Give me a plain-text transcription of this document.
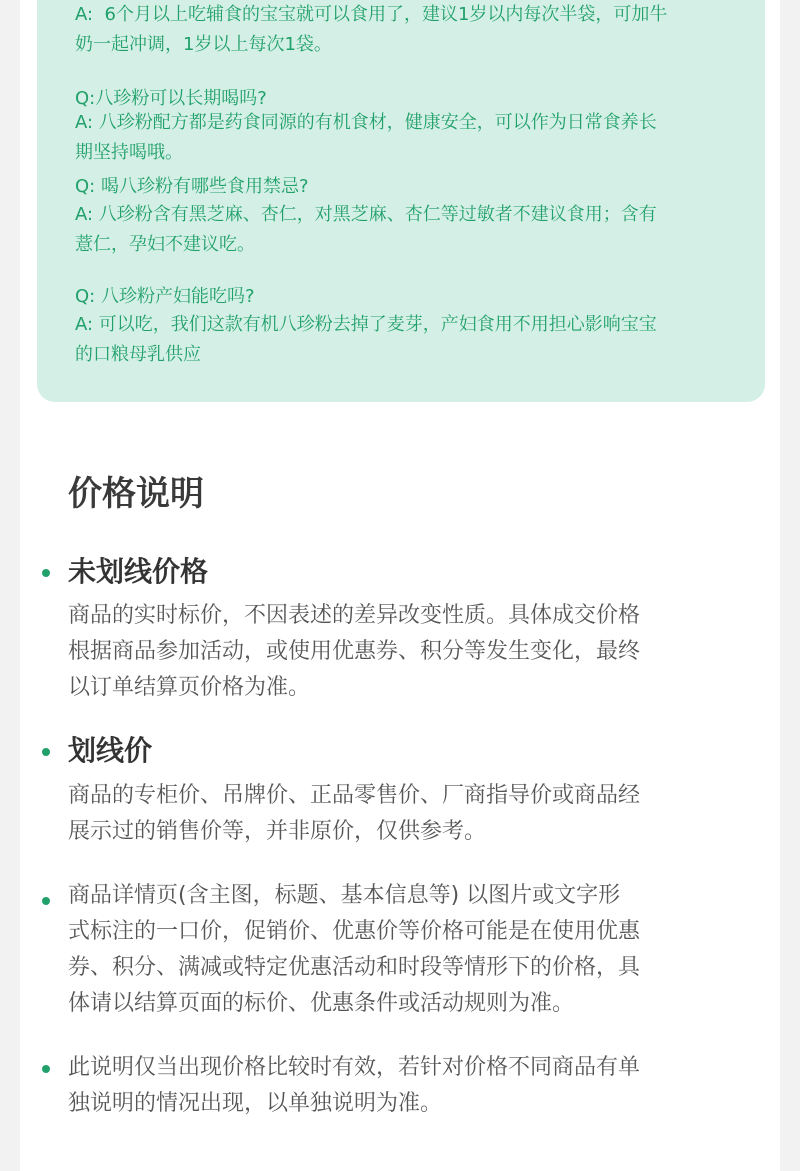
A:  6个月以上吃辅食的宝宝就可以食用了，建议1岁以内每次半袋，可加牛
奶一起冲调，1岁以上每次1袋。
Q:八珍粉可以长期喝吗?
A: 八珍粉配方都是药食同源的有机食材，健康安全，可以作为日常食养长
期坚持喝哦。
Q: 喝八珍粉有哪些食用禁忌?
A: 八珍粉含有黑芝麻、杏仁，对黑芝麻、杏仁等过敏者不建议食用；含有
薏仁，孕妇不建议吃。
Q: 八珍粉产妇能吃吗?
A: 可以吃，我们这款有机八珍粉去掉了麦芽，产妇食用不用担心影响宝宝
的口粮母乳供应
价格说明
未划线价格
商品的实时标价，不因表述的差异改变性质。具体成交价格
根据商品参加活动，或使用优惠券、积分等发生变化，最终
以订单结算页价格为准。
划线价
商品的专柜价、吊牌价、正品零售价、厂商指导价或商品经
展示过的销售价等，并非原价，仅供参考。
商品详情页(含主图，标题、基本信息等) 以图片或文字形
式标注的一口价，促销价、优惠价等价格可能是在使用优惠
券、积分、满减或特定优惠活动和时段等情形下的价格，具
体请以结算页面的标价、优惠条件或活动规则为准。
此说明仅当出现价格比较时有效，若针对价格不同商品有单
独说明的情况出现，以单独说明为准。
